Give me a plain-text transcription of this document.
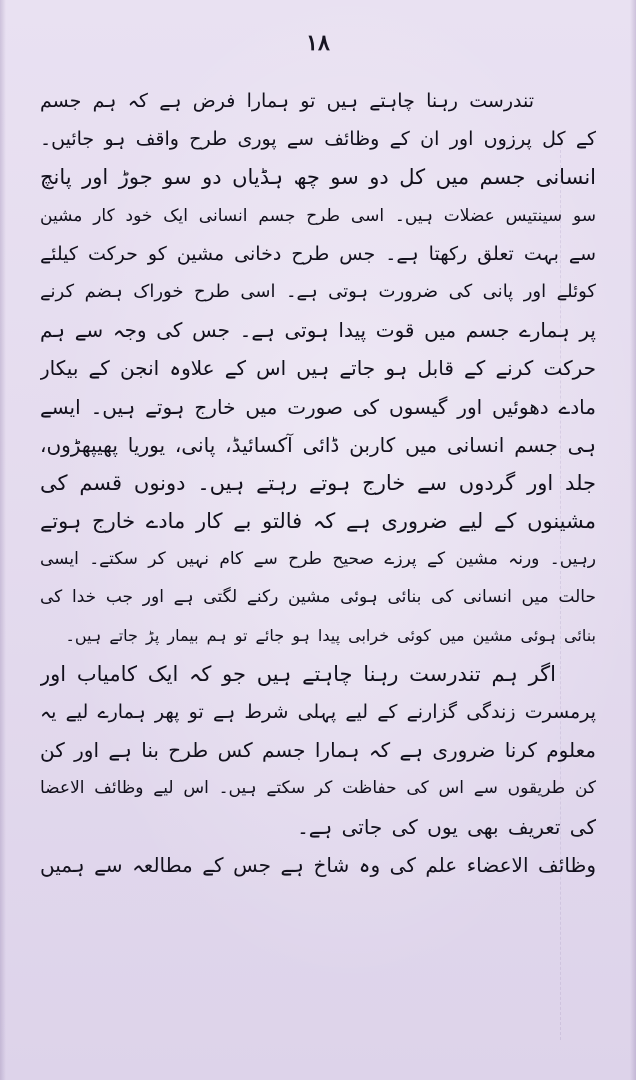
۱۸
تندرست رہنا چاہتے ہیں تو ہمارا فرض ہے کہ ہم جسم
کے کل پرزوں اور ان کے وظائف سے پوری طرح واقف ہو جائیں۔
انسانی جسم میں کل دو سو چھ ہڈیاں دو سو جوڑ اور پانچ
سو سینتیس عضلات ہیں۔ اسی طرح جسم انسانی ایک خود کار مشین
سے بہت تعلق رکھتا ہے۔ جس طرح دخانی مشین کو حرکت کیلئے
کوئلے اور پانی کی ضرورت ہوتی ہے۔ اسی طرح خوراک ہضم کرنے
پر ہمارے جسم میں قوت پیدا ہوتی ہے۔ جس کی وجہ سے ہم
حرکت کرنے کے قابل ہو جاتے ہیں اس کے علاوہ انجن کے بیکار
مادے دھوئیں اور گیسوں کی صورت میں خارج ہوتے ہیں۔ ایسے
ہی جسم انسانی میں کاربن ڈائی آکسائیڈ، پانی، یوریا پھیپھڑوں،
جلد اور گردوں سے خارج ہوتے رہتے ہیں۔ دونوں قسم کی
مشینوں کے لیے ضروری ہے کہ فالتو بے کار مادے خارج ہوتے
رہیں۔ ورنہ مشین کے پرزے صحیح طرح سے کام نہیں کر سکتے۔ ایسی
حالت میں انسانی کی بنائی ہوئی مشین رکنے لگتی ہے اور جب خدا کی
بنائی ہوئی مشین میں کوئی خرابی پیدا ہو جائے تو ہم بیمار پڑ جاتے ہیں۔
اگر ہم تندرست رہنا چاہتے ہیں جو کہ ایک کامیاب اور
پرمسرت زندگی گزارنے کے لیے پہلی شرط ہے تو پھر ہمارے لیے یہ
معلوم کرنا ضروری ہے کہ ہمارا جسم کس طرح بنا ہے اور کن
کن طریقوں سے اس کی حفاظت کر سکتے ہیں۔ اس لیے وظائف الاعضا
کی تعریف بھی یوں کی جاتی ہے۔
وظائف الاعضاء علم کی وہ شاخ ہے جس کے مطالعہ سے ہمیں
